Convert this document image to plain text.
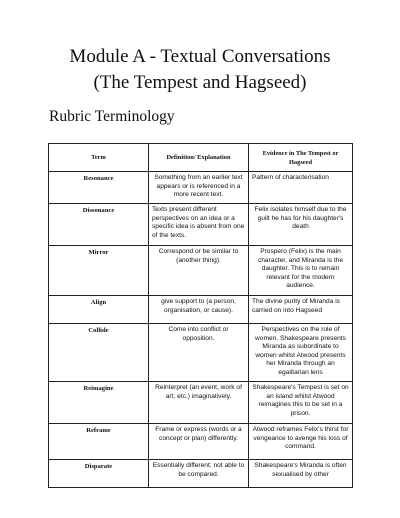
Module A - Textual Conversations
(The Tempest and Hagseed)
Rubric Terminology
Term	Definition/ Explanation	Evidence in The Tempest or Hagseed
Resonance	Something from an earlier text appears or is referenced in a more recent text.	Pattern of characterisation
Dissonance	Texts present different perspectives on an idea or a specific idea is absent from one of the texts.	Felix isolates himself due to the guilt he has for his daughter's death
Mirror	Correspond or be similar to (another thing).	Prospero (Felix) is the main character, and Miranda is the daughter. This is to remain relevant for the modern audience.
Align	give support to (a person, organisation, or cause).	The divine purity of Miranda is carried on into Hagseed
Collide	Come into conflict or opposition.	Perspectives on the role of women. Shakespeare presents Miranda as subordinate to women whilst Atwood presents her Miranda through an egalitarian lens
Reimagine	Reinterpret (an event, work of art, etc.) imaginatively.	Shakespeare's Tempest is set on an island whilst Atwood reimagines this to be set in a prison.
Reframe	Frame or express (words or a concept or plan) differently.	Atwood reframes Felix's thirst for vengeance to avenge his loss of command.
Disparate	Essentially different; not able to be compared.	Shakespeare's Miranda is often sexualised by other
